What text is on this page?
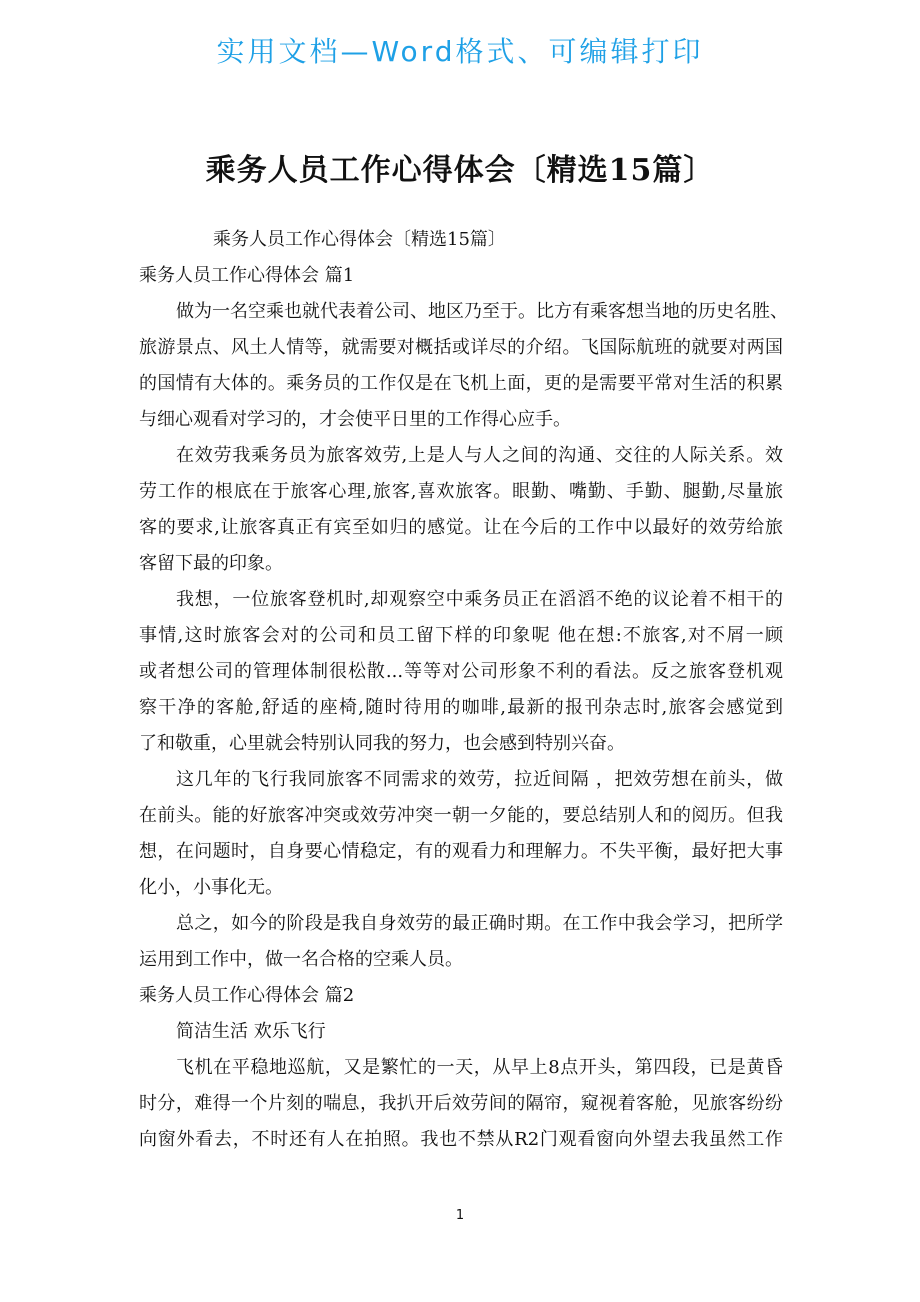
实用文档—Word格式、可编辑打印
乘务人员工作心得体会〔精选15篇〕
乘务人员工作心得体会〔精选15篇〕
乘务人员工作心得体会 篇1
做为一名空乘也就代表着公司、地区乃至于。比方有乘客想当地的历史名胜、
旅游景点、风土人情等，就需要对概括或详尽的介绍。飞国际航班的就要对两国
的国情有大体的。乘务员的工作仅是在飞机上面，更的是需要平常对生活的积累
与细心观看对学习的，才会使平日里的工作得心应手。
在效劳我乘务员为旅客效劳,上是人与人之间的沟通、交往的人际关系。效
劳工作的根底在于旅客心理,旅客,喜欢旅客。眼勤、嘴勤、手勤、腿勤,尽量旅
客的要求,让旅客真正有宾至如归的感觉。让在今后的工作中以最好的效劳给旅
客留下最的印象。
我想，一位旅客登机时,却观察空中乘务员正在滔滔不绝的议论着不相干的
事情,这时旅客会对的公司和员工留下样的印象呢 他在想:不旅客,对不屑一顾
或者想公司的管理体制很松散...等等对公司形象不利的看法。反之旅客登机观
察干净的客舱,舒适的座椅,随时待用的咖啡,最新的报刊杂志时,旅客会感觉到
了和敬重，心里就会特别认同我的努力，也会感到特别兴奋。
这几年的飞行我同旅客不同需求的效劳，拉近间隔 ，把效劳想在前头，做
在前头。能的好旅客冲突或效劳冲突一朝一夕能的，要总结别人和的阅历。但我
想，在问题时，自身要心情稳定，有的观看力和理解力。不失平衡，最好把大事
化小，小事化无。
总之，如今的阶段是我自身效劳的最正确时期。在工作中我会学习，把所学
运用到工作中，做一名合格的空乘人员。
乘务人员工作心得体会 篇2
简洁生活 欢乐飞行
飞机在平稳地巡航，又是繁忙的一天，从早上8点开头，第四段，已是黄昏
时分，难得一个片刻的喘息，我扒开后效劳间的隔帘，窥视着客舱，见旅客纷纷
向窗外看去，不时还有人在拍照。我也不禁从R2门观看窗向外望去我虽然工作
1
